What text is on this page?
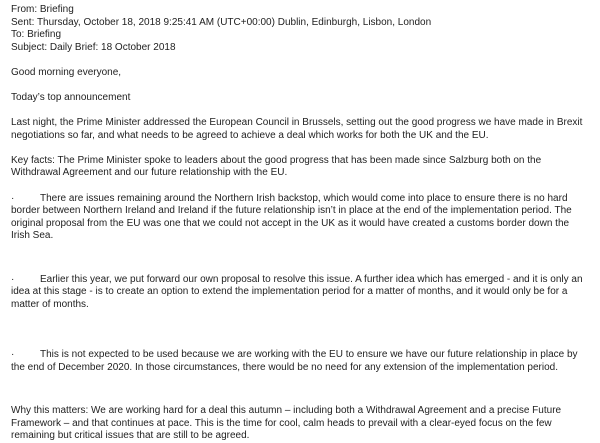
From: Briefing

Sent: Thursday, October 18, 2018 9:25:41 AM (UTC+00:00) Dublin, Edinburgh, Lisbon, London

To: Briefing

Subject: Daily Brief: 18 October 2018

Good morning everyone,

Today’s top announcement

Last night, the Prime Minister addressed the European Council in Brussels, setting out the good progress we have made in Brexit negotiations so far, and what needs to be agreed to achieve a deal which works for both the UK and the EU.

Key facts: The Prime Minister spoke to leaders about the good progress that has been made since Salzburg both on the Withdrawal Agreement and our future relationship with the EU.

·	There are issues remaining around the Northern Irish backstop, which would come into place to ensure there is no hard border between Northern Ireland and Ireland if the future relationship isn’t in place at the end of the implementation period. The original proposal from the EU was one that we could not accept in the UK as it would have created a customs border down the Irish Sea.

·	Earlier this year, we put forward our own proposal to resolve this issue. A further idea which has emerged - and it is only an idea at this stage - is to create an option to extend the implementation period for a matter of months, and it would only be for a matter of months.

·	This is not expected to be used because we are working with the EU to ensure we have our future relationship in place by the end of December 2020. In those circumstances, there would be no need for any extension of the implementation period.

Why this matters: We are working hard for a deal this autumn – including both a Withdrawal Agreement and a precise Future Framework – and that continues at pace. This is the time for cool, calm heads to prevail with a clear-eyed focus on the few remaining but critical issues that are still to be agreed.
